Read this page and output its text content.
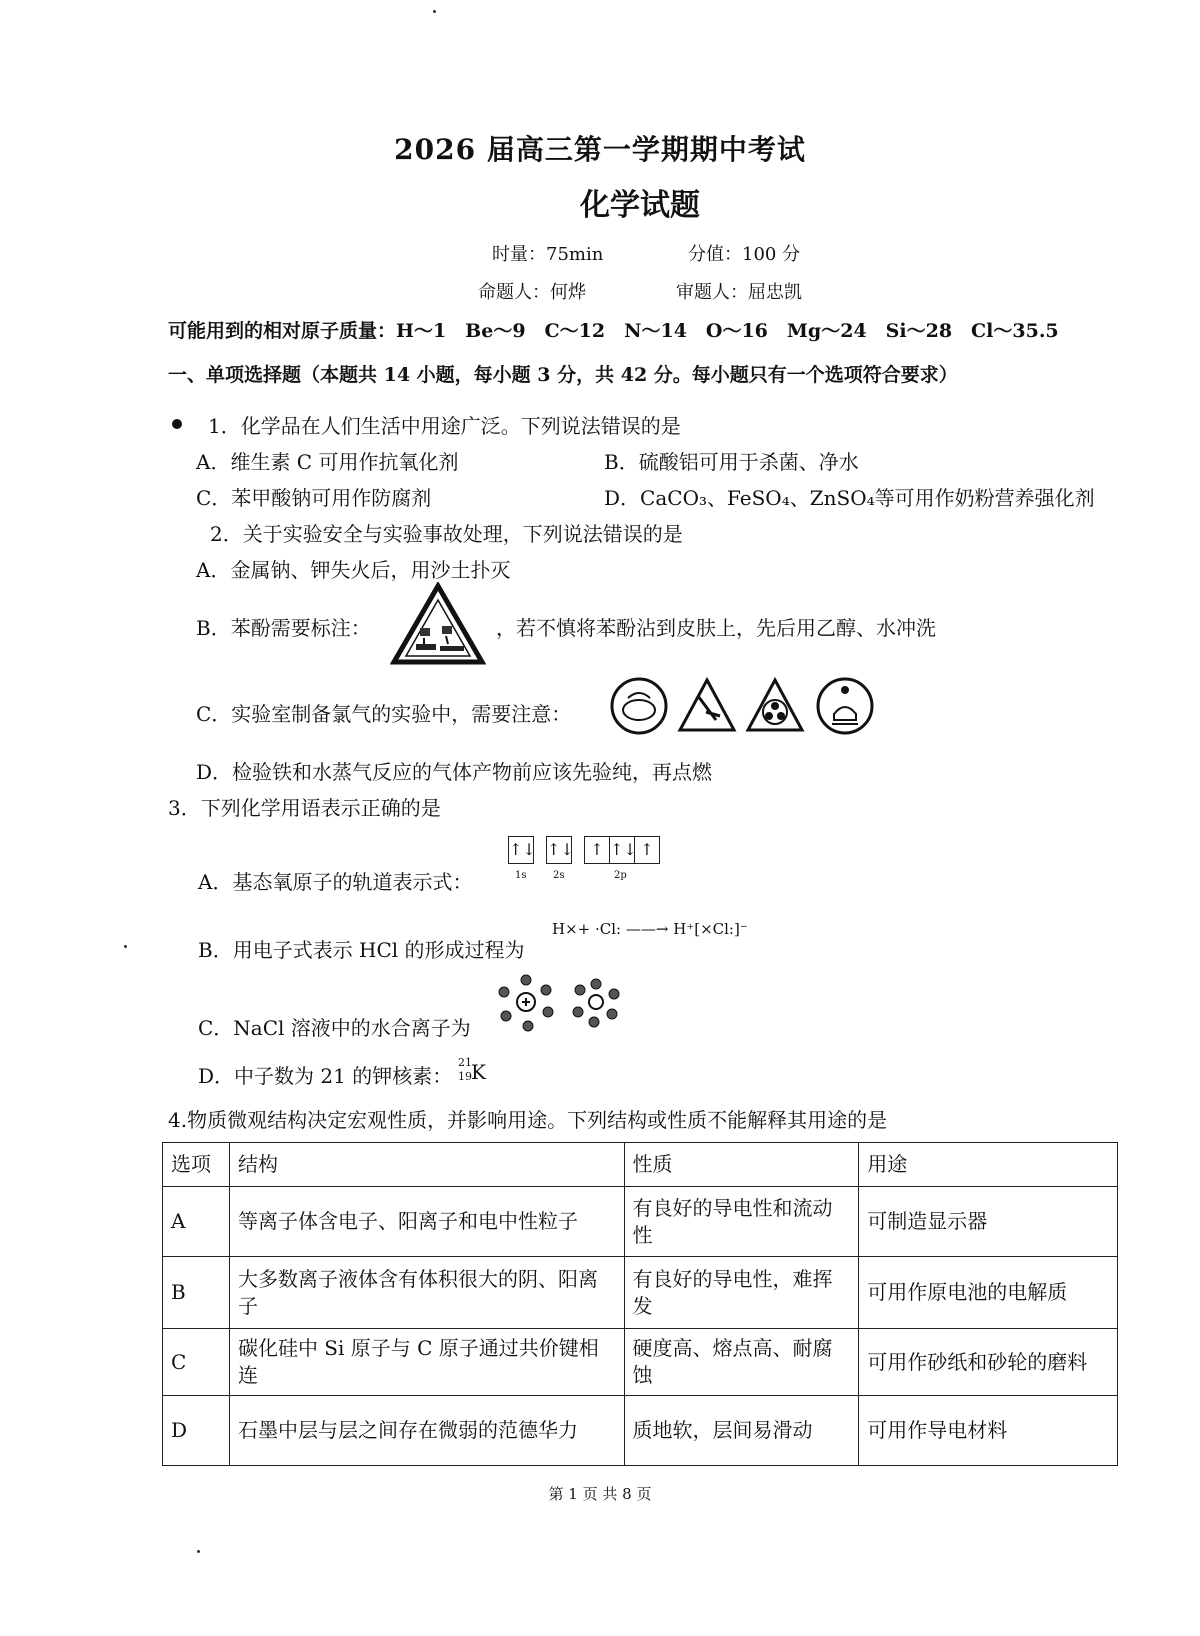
2026 届高三第一学期期中考试
化学试题
时量：75min	分值：100 分
命题人：何烨	审题人：屈忠凯
可能用到的相对原子质量：H～1　Be～9　C～12　N～14　O～16　Mg～24　Si～28　Cl～35.5
一、单项选择题（本题共 14 小题，每小题 3 分，共 42 分。每小题只有一个选项符合要求）
1．化学品在人们生活中用途广泛。下列说法错误的是
A．维生素 C 可用作抗氧化剂	B．硫酸铝可用于杀菌、净水
C．苯甲酸钠可用作防腐剂	D．CaCO₃、FeSO₄、ZnSO₄等可用作奶粉营养强化剂
2．关于实验安全与实验事故处理，下列说法错误的是
A．金属钠、钾失火后，用沙土扑灭
B．苯酚需要标注：	，若不慎将苯酚沾到皮肤上，先后用乙醇、水冲洗
C．实验室制备氯气的实验中，需要注意：
D．检验铁和水蒸气反应的气体产物前应该先验纯，再点燃
3．下列化学用语表示正确的是
↑↓ ↑↓	↑ ↑↓ ↑
1s	2s	2p
A．基态氧原子的轨道表示式：
B．用电子式表示 HCl 的形成过程为
H×+ ·Cl: ——→ H⁺[×Cl:]⁻
C．NaCl 溶液中的水合离子为
D．中子数为 21 的钾核素：
21
19 K
4.物质微观结构决定宏观性质，并影响用途。下列结构或性质不能解释其用途的是
选项	结构	性质	用途
A	等离子体含电子、阳离子和电中性粒子	有良好的导电性和流动性	可制造显示器
B	大多数离子液体含有体积很大的阴、阳离子	有良好的导电性，难挥发	可用作原电池的电解质
C	碳化硅中 Si 原子与 C 原子通过共价键相连	硬度高、熔点高、耐腐蚀	可用作砂纸和砂轮的磨料
D	石墨中层与层之间存在微弱的范德华力	质地软，层间易滑动	可用作导电材料
第 1 页 共 8 页
